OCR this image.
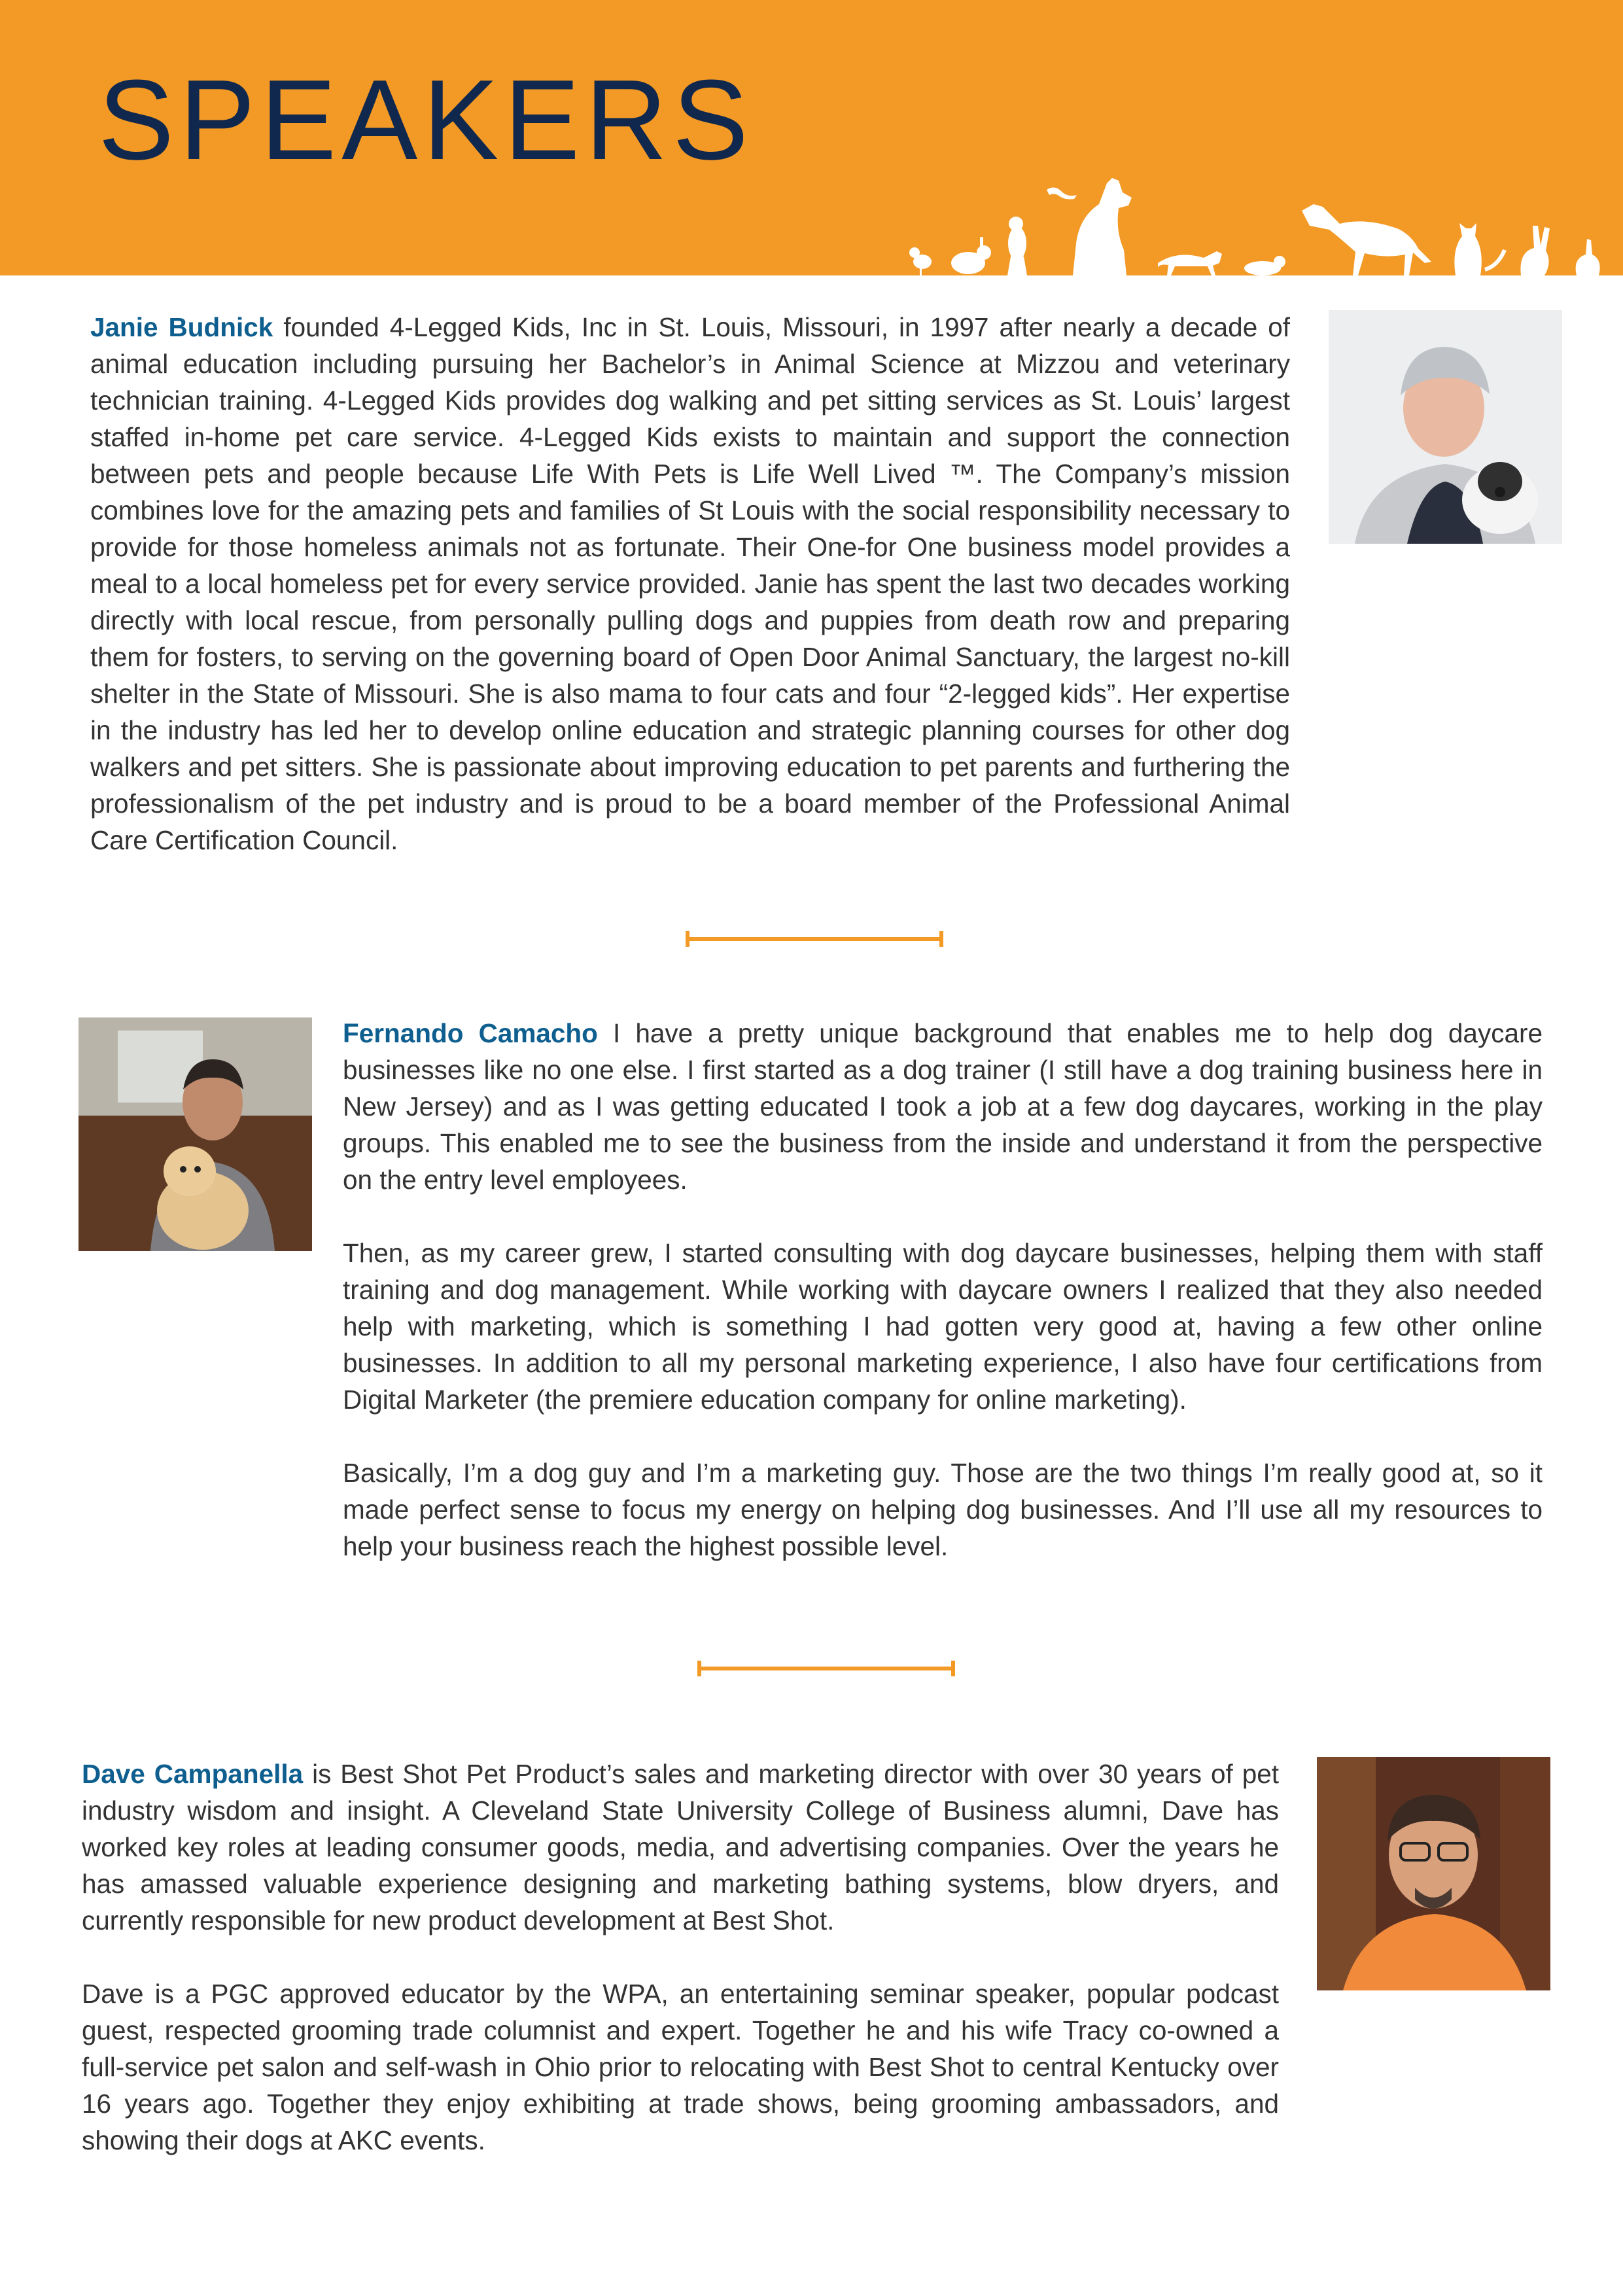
SPEAKERS

Janie Budnick founded 4-Legged Kids, Inc in St. Louis, Missouri, in 1997 after nearly a decade of animal education including pursuing her Bachelor’s in Animal Science at Mizzou and veterinary technician training. 4-Legged Kids provides dog walking and pet sitting services as St. Louis’ largest staffed in-home pet care service. 4-Legged Kids exists to maintain and support the connection between pets and people because Life With Pets is Life Well Lived ™. The Company’s mission combines love for the amazing pets and families of St Louis with the social responsibility necessary to provide for those homeless animals not as fortunate. Their One-for One business model provides a meal to a local homeless pet for every service provided. Janie has spent the last two decades working directly with local rescue, from personally pulling dogs and puppies from death row and preparing them for fosters, to serving on the governing board of Open Door Animal Sanctuary, the largest no-kill shelter in the State of Missouri. She is also mama to four cats and four “2-legged kids”. Her expertise in the industry has led her to develop online education and strategic planning courses for other dog walkers and pet sitters. She is passionate about improving education to pet parents and furthering the professionalism of the pet industry and is proud to be a board member of the Professional Animal Care Certification Council.

Fernando Camacho I have a pretty unique background that enables me to help dog daycare businesses like no one else. I first started as a dog trainer (I still have a dog training business here in New Jersey) and as I was getting educated I took a job at a few dog daycares, working in the play groups. This enabled me to see the business from the inside and understand it from the perspective on the entry level employees.

Then, as my career grew, I started consulting with dog daycare businesses, helping them with staff training and dog management. While working with daycare owners I realized that they also needed help with marketing, which is something I had gotten very good at, having a few other online businesses. In addition to all my personal marketing experience, I also have four certifications from Digital Marketer (the premiere education company for online marketing).

Basically, I’m a dog guy and I’m a marketing guy. Those are the two things I’m really good at, so it made perfect sense to focus my energy on helping dog businesses. And I’ll use all my resources to help your business reach the highest possible level.

Dave Campanella is Best Shot Pet Product’s sales and marketing director with over 30 years of pet industry wisdom and insight. A Cleveland State University College of Business alumni, Dave has worked key roles at leading consumer goods, media, and advertising companies. Over the years he has amassed valuable experience designing and marketing bathing systems, blow dryers, and currently responsible for new product development at Best Shot.

Dave is a PGC approved educator by the WPA, an entertaining seminar speaker, popular podcast guest, respected grooming trade columnist and expert. Together he and his wife Tracy co-owned a full-service pet salon and self-wash in Ohio prior to relocating with Best Shot to central Kentucky over 16 years ago. Together they enjoy exhibiting at trade shows, being grooming ambassadors, and showing their dogs at AKC events.
